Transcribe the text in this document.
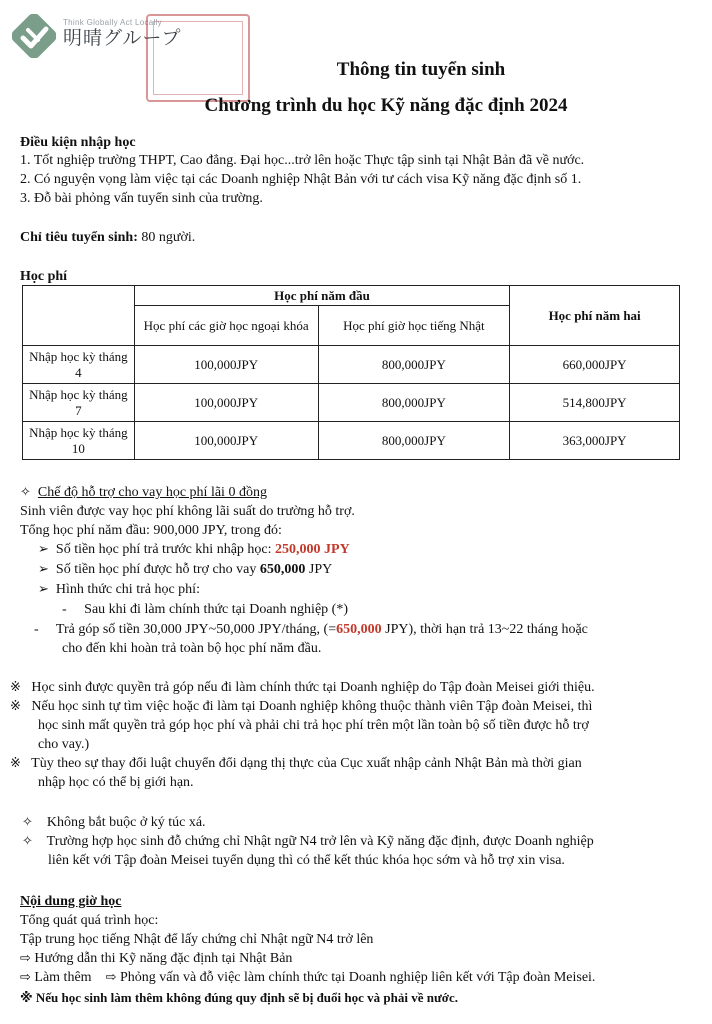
Think Globally Act Locally
明晴グループ
Thông tin tuyển sinh
Chương trình du học Kỹ năng đặc định 2024
Điều kiện nhập học
1. Tốt nghiệp trường THPT, Cao đẳng. Đại học...trở lên hoặc Thực tập sinh tại Nhật Bản đã về nước.
2. Có nguyện vọng làm việc tại các Doanh nghiệp Nhật Bản với tư cách visa Kỹ năng đặc định số 1.
3. Đỗ bài phỏng vấn tuyển sinh của trường.
Chỉ tiêu tuyển sinh: 80 người.
Học phí
	Học phí năm đầu		Học phí năm hai
	Học phí các giờ học ngoại khóa	Học phí giờ học tiếng Nhật	
Nhập học kỳ tháng 4	100,000JPY	800,000JPY	660,000JPY
Nhập học kỳ tháng 7	100,000JPY	800,000JPY	514,800JPY
Nhập học kỳ tháng 10	100,000JPY	800,000JPY	363,000JPY
✧ Chế độ hỗ trợ cho vay học phí lãi 0 đồng
Sinh viên được vay học phí không lãi suất do trường hỗ trợ.
Tổng học phí năm đầu: 900,000 JPY, trong đó:
➢ Số tiền học phí trả trước khi nhập học: 250,000 JPY
➢ Số tiền học phí được hỗ trợ cho vay 650,000 JPY
➢ Hình thức chi trả học phí:
- Sau khi đi làm chính thức tại Doanh nghiệp (*)
- Trả góp số tiền 30,000 JPY~50,000 JPY/tháng, (=650,000 JPY), thời hạn trả 13~22 tháng hoặc
cho đến khi hoàn trả toàn bộ học phí năm đầu.
※ Học sinh được quyền trả góp nếu đi làm chính thức tại Doanh nghiệp do Tập đoàn Meisei giới thiệu.
※ Nếu học sinh tự tìm việc hoặc đi làm tại Doanh nghiệp không thuộc thành viên Tập đoàn Meisei, thì
học sinh mất quyền trả góp học phí và phải chi trả học phí trên một lần toàn bộ số tiền được hỗ trợ
cho vay.)
※ Tùy theo sự thay đổi luật chuyển đổi dạng thị thực của Cục xuất nhập cảnh Nhật Bản mà thời gian
nhập học có thể bị giới hạn.
✧ Không bắt buộc ở ký túc xá.
✧ Trường hợp học sinh đỗ chứng chỉ Nhật ngữ N4 trở lên và Kỹ năng đặc định, được Doanh nghiệp
liên kết với Tập đoàn Meisei tuyển dụng thì có thể kết thúc khóa học sớm và hỗ trợ xin visa.
Nội dung giờ học
Tổng quát quá trình học:
Tập trung học tiếng Nhật để lấy chứng chỉ Nhật ngữ N4 trở lên
⇨ Hướng dẫn thi Kỹ năng đặc định tại Nhật Bản
⇨ Làm thêm ⇨ Phỏng vấn và đỗ việc làm chính thức tại Doanh nghiệp liên kết với Tập đoàn Meisei.
※ Nếu học sinh làm thêm không đúng quy định sẽ bị đuổi học và phải về nước.
